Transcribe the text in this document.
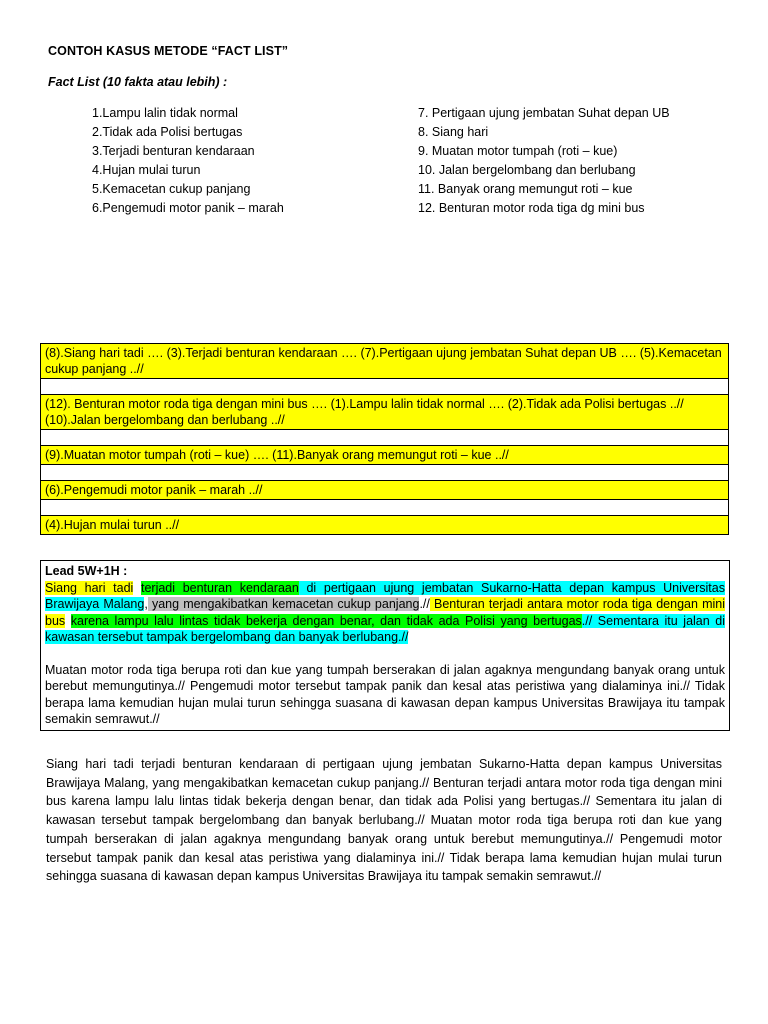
CONTOH KASUS METODE “FACT LIST”
Fact List (10 fakta atau lebih) :
1.Lampu lalin tidak normal
2.Tidak ada Polisi bertugas
3.Terjadi benturan kendaraan
4.Hujan mulai turun
5.Kemacetan cukup panjang
6.Pengemudi motor panik – marah
7. Pertigaan ujung jembatan Suhat depan UB
8. Siang hari
9. Muatan motor tumpah (roti – kue)
10. Jalan bergelombang dan berlubang
11. Banyak orang memungut roti – kue
12. Benturan motor roda tiga dg mini bus
(8).Siang hari tadi …. (3).Terjadi benturan kendaraan …. (7).Pertigaan ujung jembatan Suhat depan UB …. (5).Kemacetan cukup panjang ..//

(12). Benturan motor roda tiga dengan mini bus …. (1).Lampu lalin tidak normal …. (2).Tidak ada Polisi bertugas ..// (10).Jalan bergelombang dan berlubang ..//

(9).Muatan motor tumpah (roti – kue) …. (11).Banyak orang memungut roti – kue ..//

(6).Pengemudi motor panik – marah ..//

(4).Hujan mulai turun ..//
Lead 5W+1H :
Siang hari tadi terjadi benturan kendaraan di pertigaan ujung jembatan Sukarno-Hatta depan kampus Universitas Brawijaya Malang, yang mengakibatkan kemacetan cukup panjang.// Benturan terjadi antara motor roda tiga dengan mini bus karena lampu lalu lintas tidak bekerja dengan benar, dan tidak ada Polisi yang bertugas.// Sementara itu jalan di kawasan tersebut tampak bergelombang dan banyak berlubang.//
Muatan motor roda tiga berupa roti dan kue yang tumpah berserakan di jalan agaknya mengundang banyak orang untuk berebut memungutinya.// Pengemudi motor tersebut tampak panik dan kesal atas peristiwa yang dialaminya ini.// Tidak berapa lama kemudian hujan mulai turun sehingga suasana di kawasan depan kampus Universitas Brawijaya itu tampak semakin semrawut.//
Siang hari tadi terjadi benturan kendaraan di pertigaan ujung jembatan Sukarno-Hatta depan kampus Universitas Brawijaya Malang, yang mengakibatkan kemacetan cukup panjang.// Benturan terjadi antara motor roda tiga dengan mini bus karena lampu lalu lintas tidak bekerja dengan benar, dan tidak ada Polisi yang bertugas.// Sementara itu jalan di kawasan tersebut tampak bergelombang dan banyak berlubang.// Muatan motor roda tiga berupa roti dan kue yang tumpah berserakan di jalan agaknya mengundang banyak orang untuk berebut memungutinya.// Pengemudi motor tersebut tampak panik dan kesal atas peristiwa yang dialaminya ini.// Tidak berapa lama kemudian hujan mulai turun sehingga suasana di kawasan depan kampus Universitas Brawijaya itu tampak semakin semrawut.//
